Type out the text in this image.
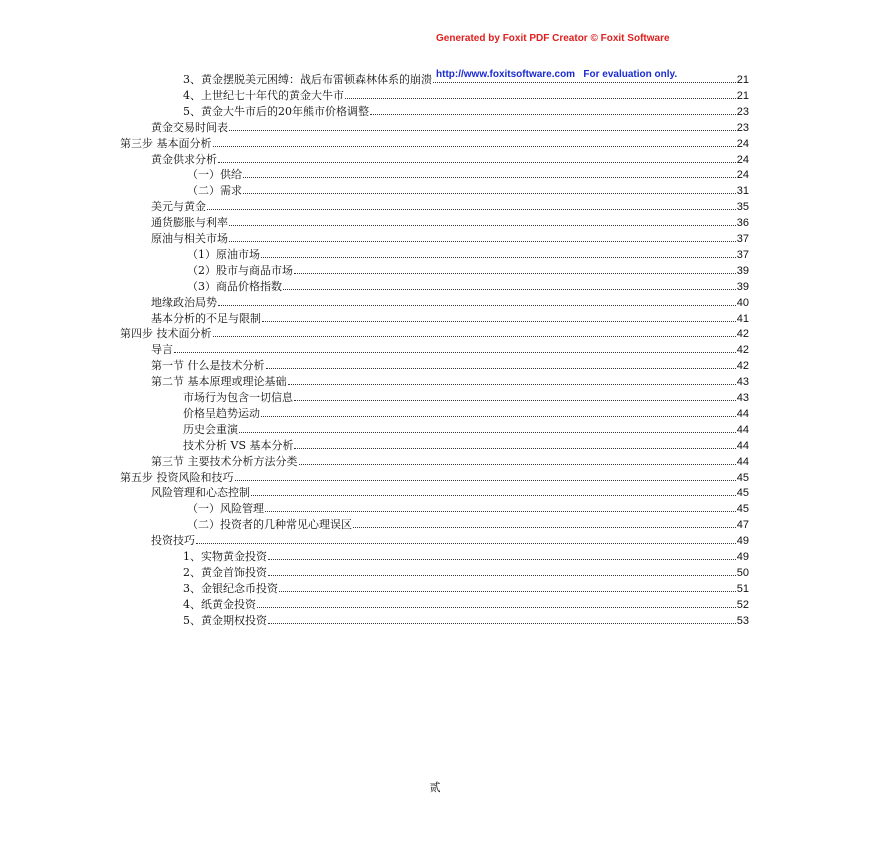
Generated by Foxit PDF Creator © Foxit Software

http://www.foxitsoftware.com   For evaluation only.

3、黄金摆脱美元困缚：战后布雷顿森林体系的崩溃	21
4、上世纪七十年代的黄金大牛市	21
5、黄金大牛市后的20年熊市价格调整	23
黄金交易时间表	23
第三步 基本面分析	24
黄金供求分析	24
（一）供给	24
（二）需求	31
美元与黄金	35
通货膨胀与利率	36
原油与相关市场	37
（1）原油市场	37
（2）股市与商品市场	39
（3）商品价格指数	39
地缘政治局势	40
基本分析的不足与限制	41
第四步 技术面分析	42
导言	42
第一节 什么是技术分析	42
第二节 基本原理或理论基础	43
市场行为包含一切信息	43
价格呈趋势运动	44
历史会重演	44
技术分析 VS 基本分析	44
第三节 主要技术分析方法分类	44
第五步 投资风险和技巧	45
风险管理和心态控制	45
（一）风险管理	45
（二）投资者的几种常见心理误区	47
投资技巧	49
1、实物黄金投资	49
2、黄金首饰投资	50
3、金银纪念币投资	51
4、纸黄金投资	52
5、黄金期权投资	53
贰
